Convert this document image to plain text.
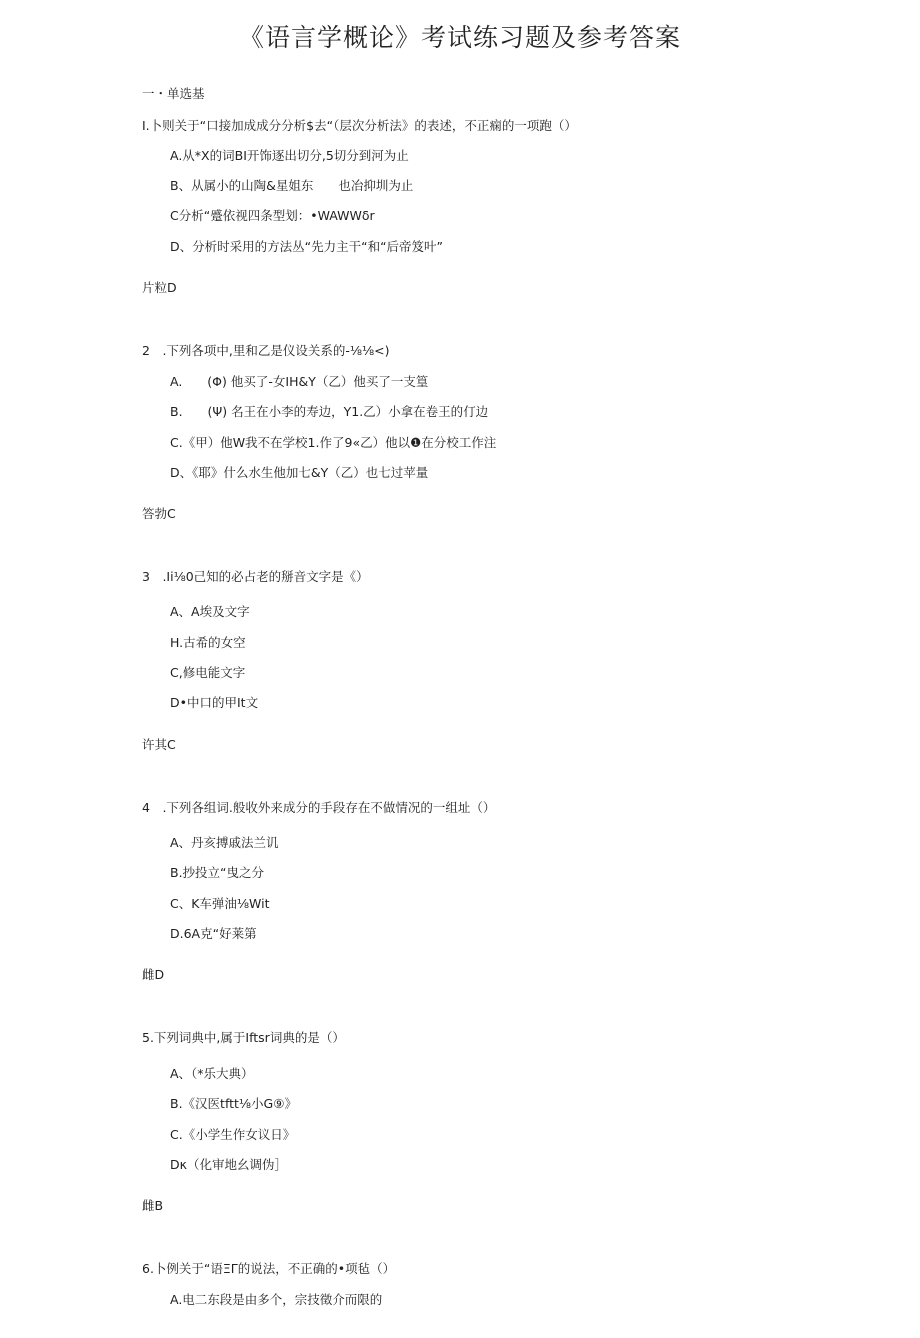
《语言学概论》考试练习题及参考答案
一・单选基
I.卜则关于“口接加成成分分析$去“（层次分析法》的表述，不正痫的一项跑（）
A.从*X的词BI开饰逐出切分,5切分到河为止
B、从属小的山陶&星姐东　　也冶抑圳为止
C分析“蹙依视四条型划：•WAWWδr
D、分析时采用的方法丛“先力主干“和“后帝笈叶”
片粒D
2　.下列各项中,里和乙是仪设关系的-⅛⅛<)
A.　　(Φ) 他买了-女IH&Y（乙）他买了一支篁
B.　　(Ψ) 名王在小李的寿边，Y1.乙）小拿在卷王的仃边
C.《甲）他W我不在学校1.作了9«乙）他以❶在分校工作注
D、《耶》什么水生他加七&Y（乙）也七过苹量
答勃C
3　.Ii⅛0己知的必占老的掰音文字是《）
A、A埃及文字
H.古希的女空
C,修电能文字
D•中口的甲It文
许其C
4　.下列各组词.般收外来成分的手段存在不做情况的一组址（）
A、丹亥搏戚法兰讥
B.抄投立“曳之分
C、K车弹油⅛Wit
D.6A克“好莱第
雌D
5.下列词典中,属于Iftsr词典的是（）
A、（*乐大典）
B.《汉医tftt⅛小G⑨》
C.《小学生作女议日》
Dκ（化审地幺调伪］
雌B
6.卜例关于“语ΞΓ的说法，不正确的•项毡（）
A.电二东段是由多个，宗技徵介而限的
